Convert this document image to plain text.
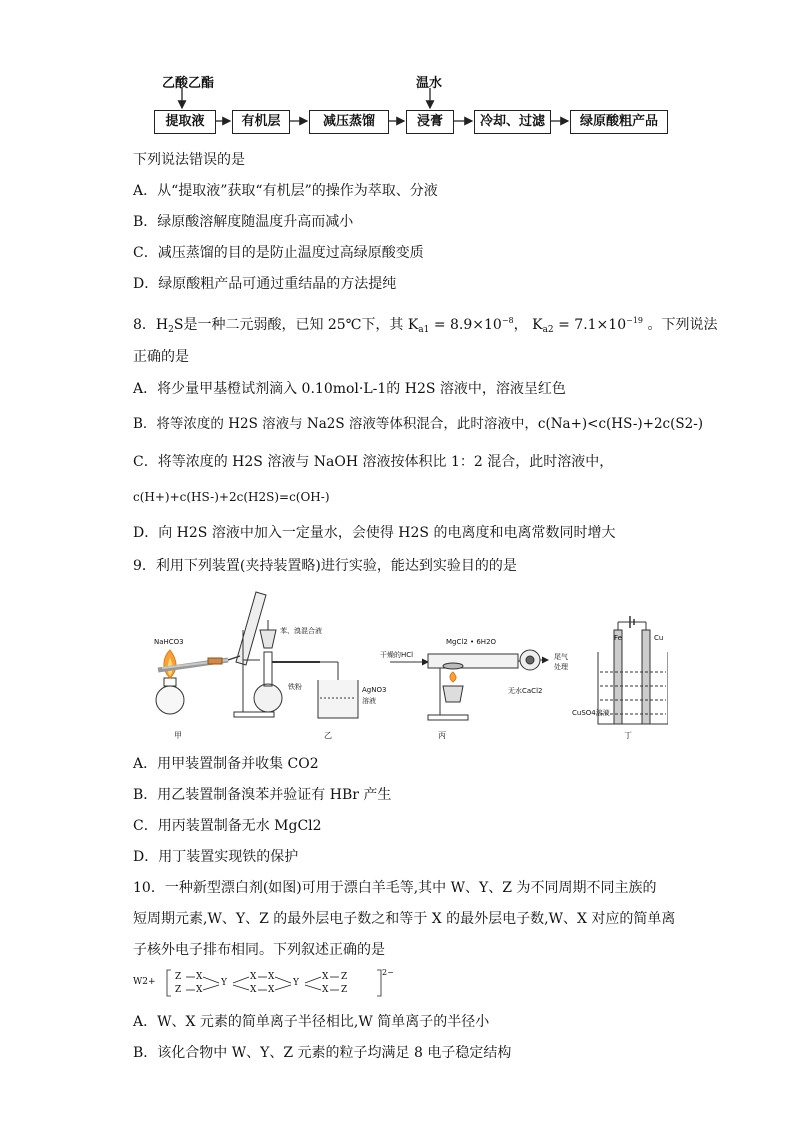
乙酸乙酯	温水
提取液	有机层	减压蒸馏	浸膏	冷却、过滤	绿原酸粗产品
下列说法错误的是
A．从“提取液”获取“有机层”的操作为萃取、分液
B．绿原酸溶解度随温度升高而减小
C．减压蒸馏的目的是防止温度过高绿原酸变质
D．绿原酸粗产品可通过重结晶的方法提纯
8．$H_2S$是一种二元弱酸，已知 25℃下，其 $K_{a1} = 8.9\times 10^{-8}$， $K_{a2} = 7.1\times 10^{-19}$ 。下列说法
正确的是
A．将少量甲基橙试剂滴入 0.10mol·L-1的 H2S 溶液中，溶液呈红色
B．将等浓度的 H2S 溶液与 Na2S 溶液等体积混合，此时溶液中，c(Na+)<c(HS-)+2c(S2-)
C．将等浓度的 H2S 溶液与 NaOH 溶液按体积比 1：2 混合，此时溶液中，
c(H+)+c(HS-)+2c(H2S)=c(OH-)
D．向 H2S 溶液中加入一定量水，会使得 H2S 的电离度和电离常数同时增大
9．利用下列装置(夹持装置略)进行实验，能达到实验目的的是
NaHCO3
苯、溴混合液
铁粉	AgNO3
溶液
干燥的HCl
MgCl2 • 6H2O
尾气
处理
无水CaCl2
Fe	Cu
CuSO4溶液
甲	乙	丙	丁
A．用甲装置制备并收集 CO2
B．用乙装置制备溴苯并验证有 HBr 产生
C．用丙装置制备无水 MgCl2
D．用丁装置实现铁的保护
10．一种新型漂白剂(如图)可用于漂白羊毛等,其中 W、Y、Z 为不同周期不同主族的
短周期元素,W、Y、Z 的最外层电子数之和等于 X 的最外层电子数,W、X 对应的简单离
子核外电子排布相同。下列叙述正确的是
W2+ Z
Z
X
X
Y
X
X
X
X
Y
X
X
Z
Z
2−
A．W、X 元素的简单离子半径相比,W 简单离子的半径小
B．该化合物中 W、Y、Z 元素的粒子均满足 8 电子稳定结构
